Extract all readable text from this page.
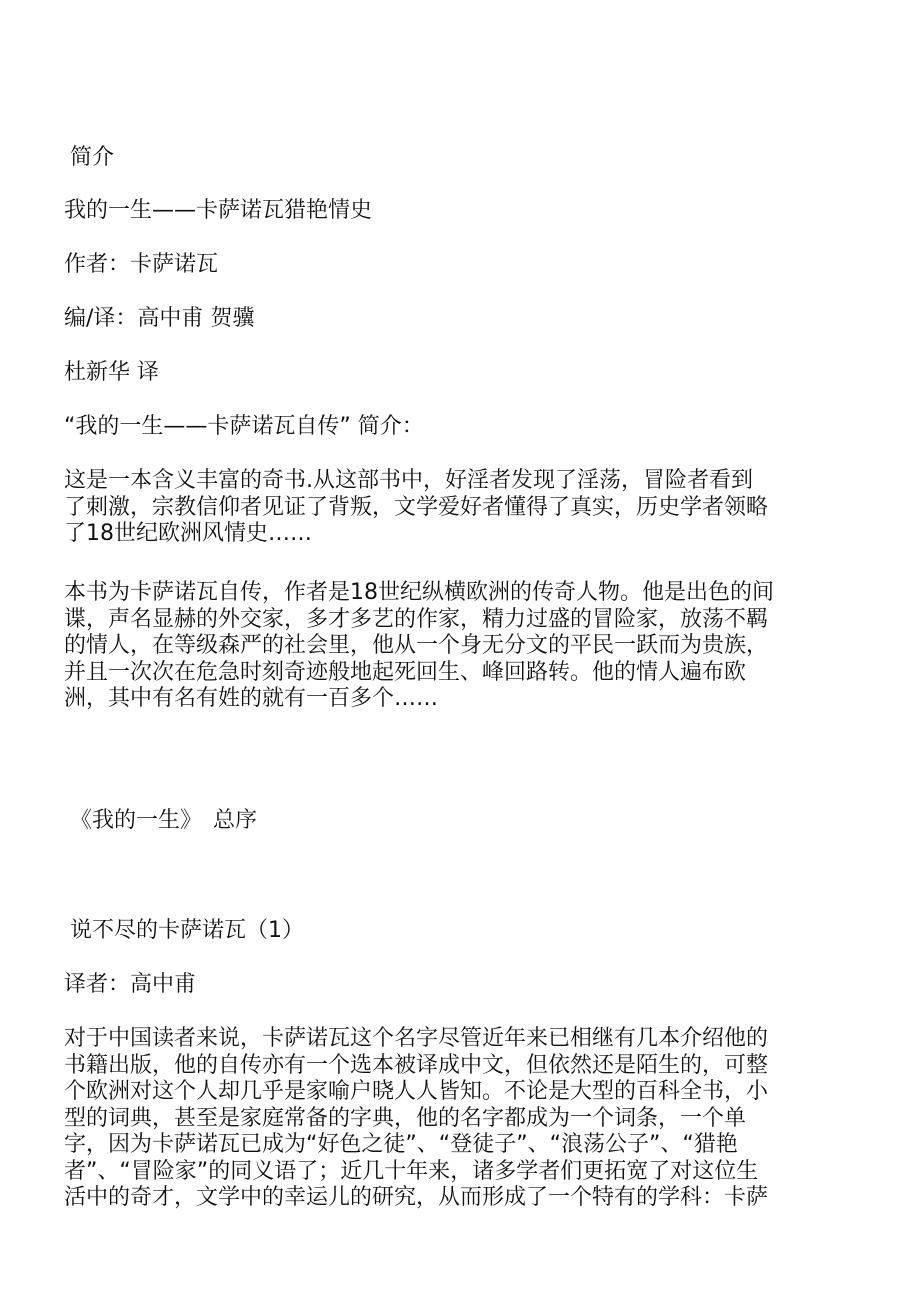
简介
我的一生——卡萨诺瓦猎艳情史
作者：卡萨诺瓦
编/译：高中甫 贺骥
杜新华 译
“我的一生——卡萨诺瓦自传” 简介：
这是一本含义丰富的奇书.从这部书中，好淫者发现了淫荡，冒险者看到
了刺激，宗教信仰者见证了背叛，文学爱好者懂得了真实，历史学者领略
了18世纪欧洲风情史……
本书为卡萨诺瓦自传，作者是18世纪纵横欧洲的传奇人物。他是出色的间
谍，声名显赫的外交家，多才多艺的作家，精力过盛的冒险家，放荡不羁
的情人，在等级森严的社会里，他从一个身无分文的平民一跃而为贵族，
并且一次次在危急时刻奇迹般地起死回生、峰回路转。他的情人遍布欧
洲，其中有名有姓的就有一百多个……
《我的一生》　总序
说不尽的卡萨诺瓦（1）
译者：高中甫
对于中国读者来说，卡萨诺瓦这个名字尽管近年来已相继有几本介绍他的
书籍出版，他的自传亦有一个选本被译成中文，但依然还是陌生的，可整
个欧洲对这个人却几乎是家喻户晓人人皆知。不论是大型的百科全书，小
型的词典，甚至是家庭常备的字典，他的名字都成为一个词条，一个单
字，因为卡萨诺瓦已成为“好色之徒”、“登徒子”、“浪荡公子”、“猎艳
者”、“冒险家”的同义语了；近几十年来，诸多学者们更拓宽了对这位生
活中的奇才，文学中的幸运儿的研究，从而形成了一个特有的学科：卡萨
